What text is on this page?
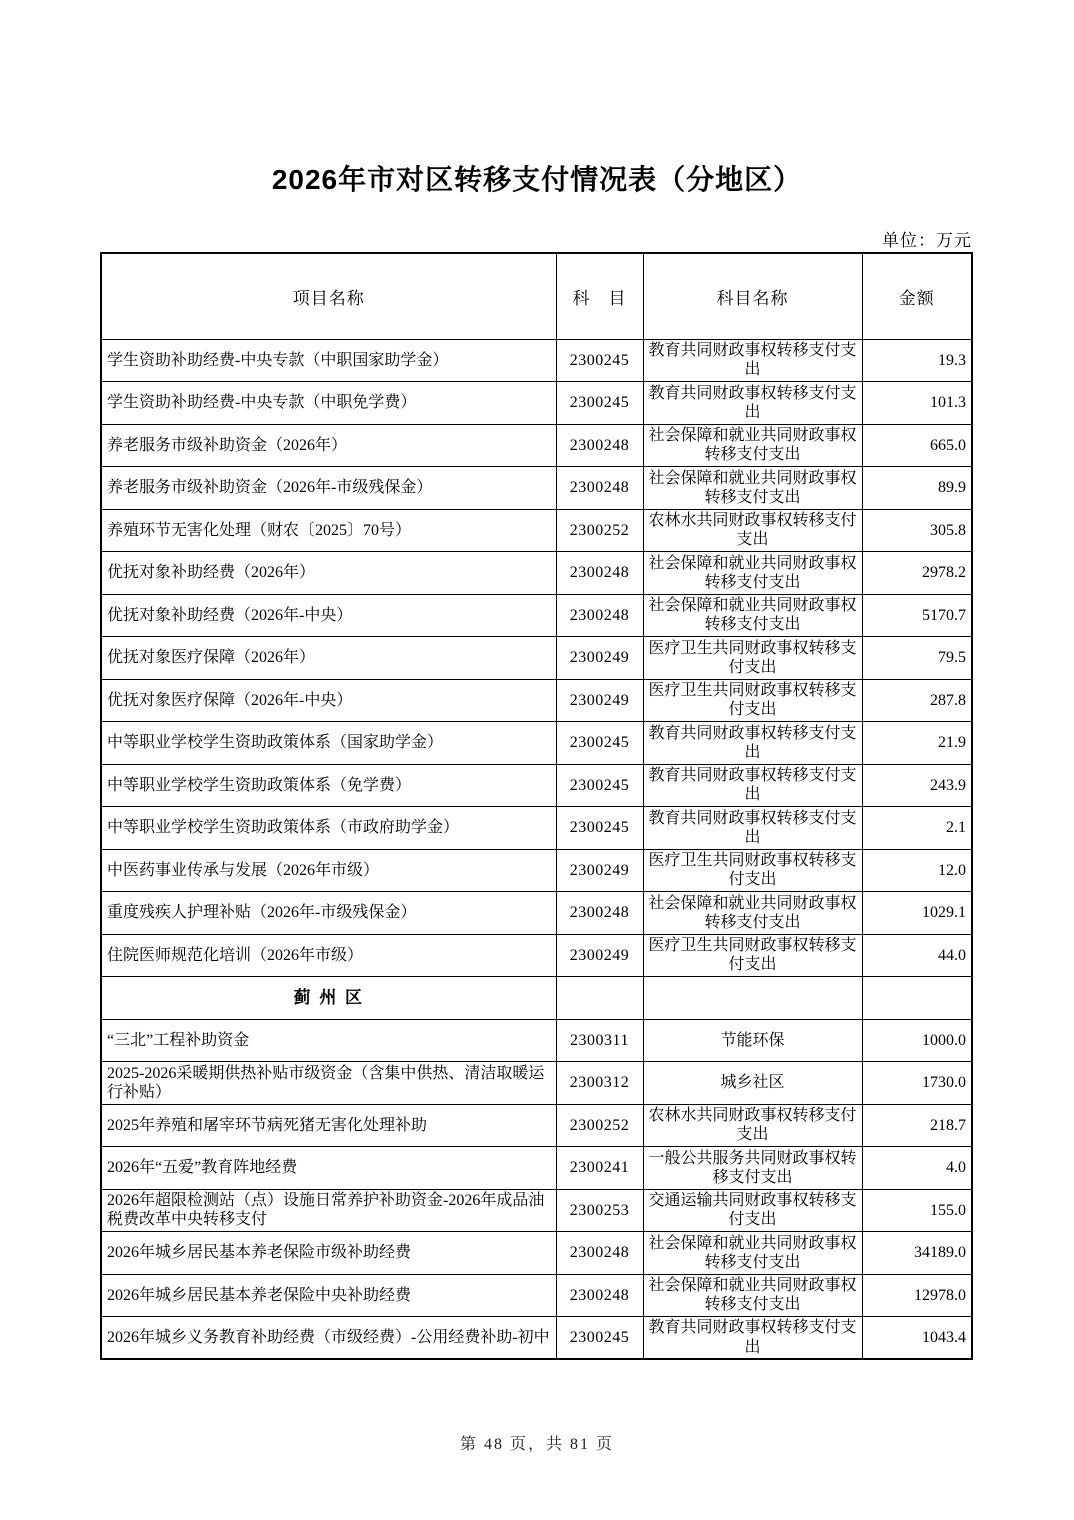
2026年市对区转移支付情况表（分地区）
单位：万元
项目名称	科　目	科目名称	金额
学生资助补助经费-中央专款（中职国家助学金）	2300245	教育共同财政事权转移支付支出	19.3
学生资助补助经费-中央专款（中职免学费）	2300245	教育共同财政事权转移支付支出	101.3
养老服务市级补助资金（2026年）	2300248	社会保障和就业共同财政事权转移支付支出	665.0
养老服务市级补助资金（2026年-市级残保金）	2300248	社会保障和就业共同财政事权转移支付支出	89.9
养殖环节无害化处理（财农〔2025〕70号）	2300252	农林水共同财政事权转移支付支出	305.8
优抚对象补助经费（2026年）	2300248	社会保障和就业共同财政事权转移支付支出	2978.2
优抚对象补助经费（2026年-中央）	2300248	社会保障和就业共同财政事权转移支付支出	5170.7
优抚对象医疗保障（2026年）	2300249	医疗卫生共同财政事权转移支付支出	79.5
优抚对象医疗保障（2026年-中央）	2300249	医疗卫生共同财政事权转移支付支出	287.8
中等职业学校学生资助政策体系（国家助学金）	2300245	教育共同财政事权转移支付支出	21.9
中等职业学校学生资助政策体系（免学费）	2300245	教育共同财政事权转移支付支出	243.9
中等职业学校学生资助政策体系（市政府助学金）	2300245	教育共同财政事权转移支付支出	2.1
中医药事业传承与发展（2026年市级）	2300249	医疗卫生共同财政事权转移支付支出	12.0
重度残疾人护理补贴（2026年-市级残保金）	2300248	社会保障和就业共同财政事权转移支付支出	1029.1
住院医师规范化培训（2026年市级）	2300249	医疗卫生共同财政事权转移支付支出	44.0
蓟 州 区			
“三北”工程补助资金	2300311	节能环保	1000.0
2025-2026采暖期供热补贴市级资金（含集中供热、清洁取暖运行补贴）	2300312	城乡社区	1730.0
2025年养殖和屠宰环节病死猪无害化处理补助	2300252	农林水共同财政事权转移支付支出	218.7
2026年“五爱”教育阵地经费	2300241	一般公共服务共同财政事权转移支付支出	4.0
2026年超限检测站（点）设施日常养护补助资金-2026年成品油税费改革中央转移支付	2300253	交通运输共同财政事权转移支付支出	155.0
2026年城乡居民基本养老保险市级补助经费	2300248	社会保障和就业共同财政事权转移支付支出	34189.0
2026年城乡居民基本养老保险中央补助经费	2300248	社会保障和就业共同财政事权转移支付支出	12978.0
2026年城乡义务教育补助经费（市级经费）-公用经费补助-初中	2300245	教育共同财政事权转移支付支出	1043.4
第 48 页，共 81 页
